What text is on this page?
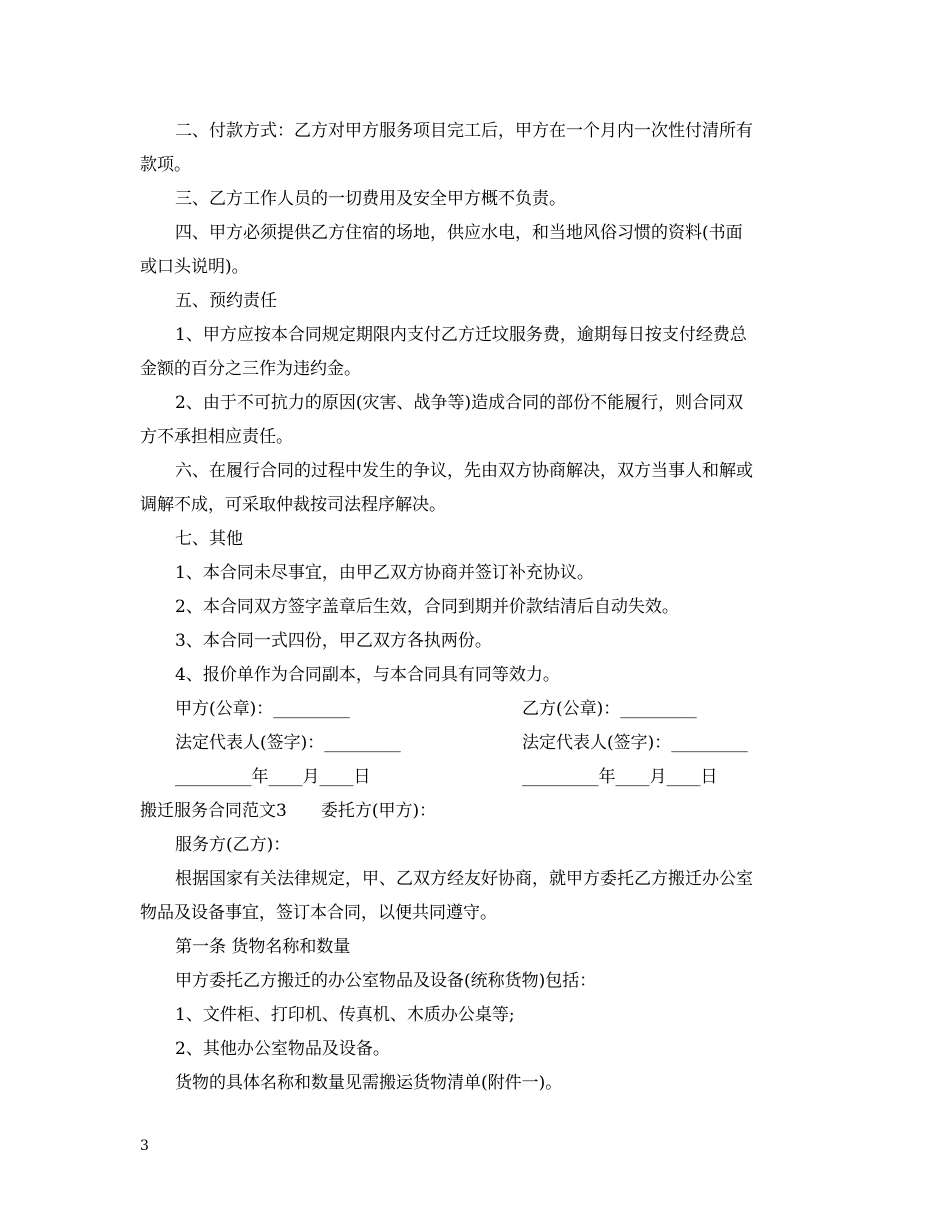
二、付款方式：乙方对甲方服务项目完工后，甲方在一个月内一次性付清所有
款项。
三、乙方工作人员的一切费用及安全甲方概不负责。
四、甲方必须提供乙方住宿的场地，供应水电，和当地风俗习惯的资料(书面
或口头说明)。
五、预约责任
1、甲方应按本合同规定期限内支付乙方迁坟服务费，逾期每日按支付经费总
金额的百分之三作为违约金。
2、由于不可抗力的原因(灾害、战争等)造成合同的部份不能履行，则合同双
方不承担相应责任。
六、在履行合同的过程中发生的争议，先由双方协商解决，双方当事人和解或
调解不成，可采取仲裁按司法程序解决。
七、其他
1、本合同未尽事宜，由甲乙双方协商并签订补充协议。
2、本合同双方签字盖章后生效，合同到期并价款结清后自动失效。
3、本合同一式四份，甲乙双方各执两份。
4、报价单作为合同副本，与本合同具有同等效力。
甲方(公章)：_________	乙方(公章)：_________
法定代表人(签字)：_________	法定代表人(签字)：_________
_________年____月____日	_________年____月____日
搬迁服务合同范文3　　委托方(甲方)：
服务方(乙方)：
根据国家有关法律规定，甲、乙双方经友好协商，就甲方委托乙方搬迁办公室
物品及设备事宜，签订本合同，以便共同遵守。
第一条 货物名称和数量
甲方委托乙方搬迁的办公室物品及设备(统称货物)包括：
1、文件柜、打印机、传真机、木质办公桌等;
2、其他办公室物品及设备。
货物的具体名称和数量见需搬运货物清单(附件一)。
3
